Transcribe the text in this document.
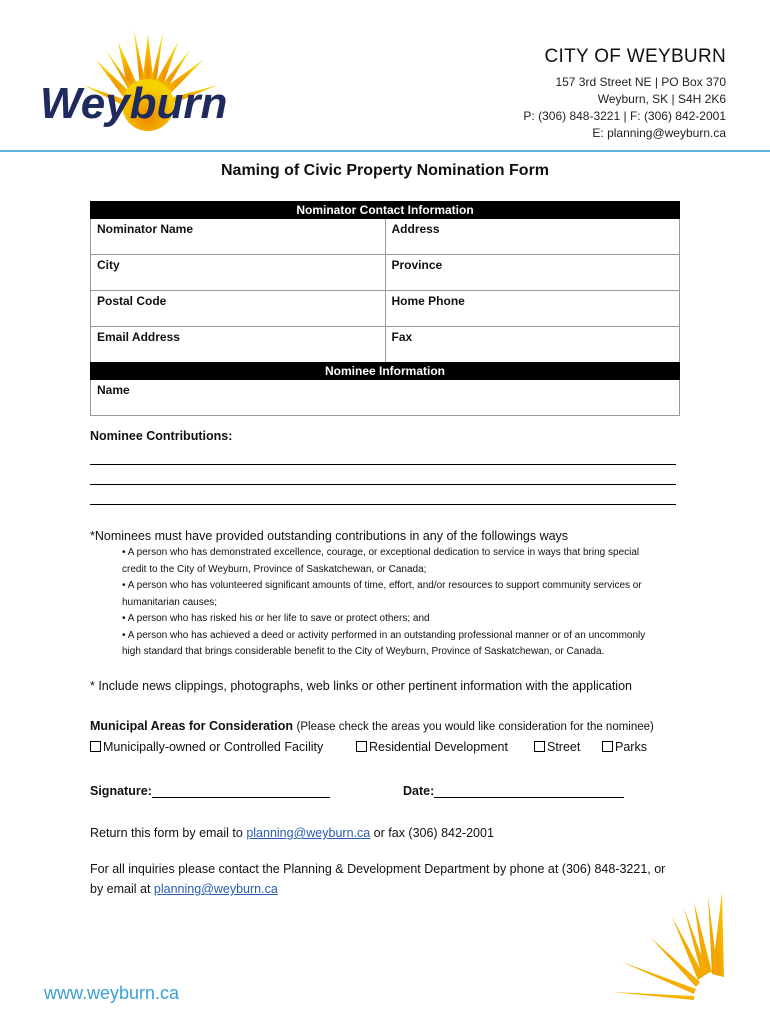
Weyburn
CITY OF WEYBURN
157 3rd Street NE | PO Box 370
Weyburn, SK | S4H 2K6
P: (306) 848-3221 | F: (306) 842-2001
E: planning@weyburn.ca
Naming of Civic Property Nomination Form
Nominator Contact Information	
Nominator Name	Address
City	Province
Postal Code	Home Phone
Email Address	Fax
Nominee Information
Name
Nominee Contributions:
*Nominees must have provided outstanding contributions in any of the followings ways
• A person who has demonstrated excellence, courage, or exceptional dedication to service in ways that bring special
credit to the City of Weyburn, Province of Saskatchewan, or Canada;
• A person who has volunteered significant amounts of time, effort, and/or resources to support community services or
humanitarian causes;
• A person who has risked his or her life to save or protect others; and
• A person who has achieved a deed or activity performed in an outstanding professional manner or of an uncommonly
high standard that brings considerable benefit to the City of Weyburn, Province of Saskatchewan, or Canada.
* Include news clippings, photographs, web links or other pertinent information with the application
Municipal Areas for Consideration (Please check the areas you would like consideration for the nominee)
Municipally-owned or Controlled Facility	Residential Development	Street	Parks
Signature:	Date:
Return this form by email to planning@weyburn.ca or fax (306) 842-2001
For all inquiries please contact the Planning & Development Department by phone at (306) 848-3221, or
by email at planning@weyburn.ca
www.weyburn.ca
